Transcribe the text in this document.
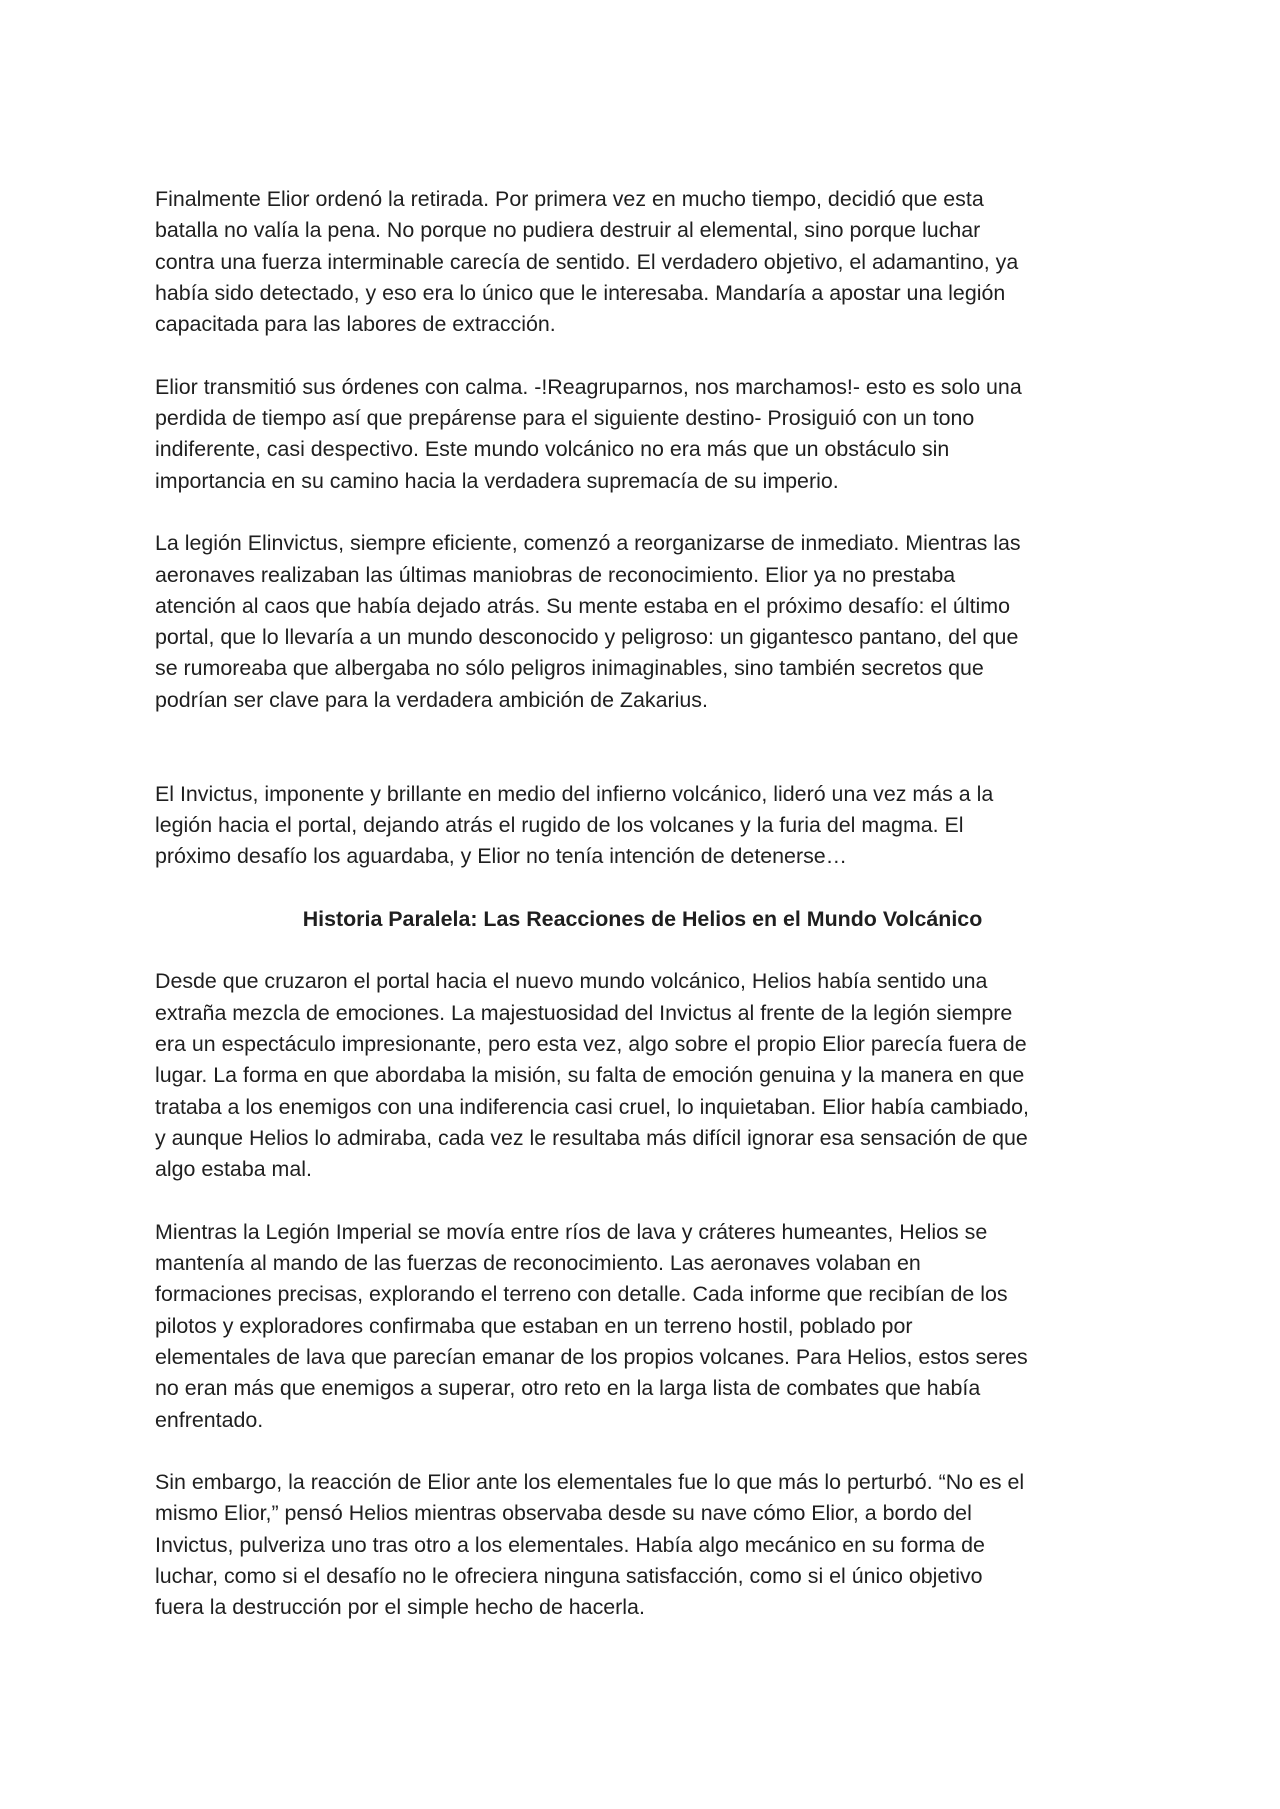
Finalmente Elior ordenó la retirada. Por primera vez en mucho tiempo, decidió que esta
batalla no valía la pena. No porque no pudiera destruir al elemental, sino porque luchar
contra una fuerza interminable carecía de sentido. El verdadero objetivo, el adamantino, ya
había sido detectado, y eso era lo único que le interesaba. Mandaría a apostar una legión
capacitada para las labores de extracción.

Elior transmitió sus órdenes con calma. -!Reagruparnos, nos marchamos!- esto es solo una
perdida de tiempo así que prepárense para el siguiente destino- Prosiguió con un tono
indiferente, casi despectivo. Este mundo volcánico no era más que un obstáculo sin
importancia en su camino hacia la verdadera supremacía de su imperio.

La legión Elinvictus, siempre eficiente, comenzó a reorganizarse de inmediato. Mientras las
aeronaves realizaban las últimas maniobras de reconocimiento. Elior ya no prestaba
atención al caos que había dejado atrás. Su mente estaba en el próximo desafío: el último
portal, que lo llevaría a un mundo desconocido y peligroso: un gigantesco pantano, del que
se rumoreaba que albergaba no sólo peligros inimaginables, sino también secretos que
podrían ser clave para la verdadera ambición de Zakarius.

El Invictus, imponente y brillante en medio del infierno volcánico, lideró una vez más a la
legión hacia el portal, dejando atrás el rugido de los volcanes y la furia del magma. El
próximo desafío los aguardaba, y Elior no tenía intención de detenerse…

Historia Paralela: Las Reacciones de Helios en el Mundo Volcánico

Desde que cruzaron el portal hacia el nuevo mundo volcánico, Helios había sentido una
extraña mezcla de emociones. La majestuosidad del Invictus al frente de la legión siempre
era un espectáculo impresionante, pero esta vez, algo sobre el propio Elior parecía fuera de
lugar. La forma en que abordaba la misión, su falta de emoción genuina y la manera en que
trataba a los enemigos con una indiferencia casi cruel, lo inquietaban. Elior había cambiado,
y aunque Helios lo admiraba, cada vez le resultaba más difícil ignorar esa sensación de que
algo estaba mal.

Mientras la Legión Imperial se movía entre ríos de lava y cráteres humeantes, Helios se
mantenía al mando de las fuerzas de reconocimiento. Las aeronaves volaban en
formaciones precisas, explorando el terreno con detalle. Cada informe que recibían de los
pilotos y exploradores confirmaba que estaban en un terreno hostil, poblado por
elementales de lava que parecían emanar de los propios volcanes. Para Helios, estos seres
no eran más que enemigos a superar, otro reto en la larga lista de combates que había
enfrentado.

Sin embargo, la reacción de Elior ante los elementales fue lo que más lo perturbó. “No es el
mismo Elior,” pensó Helios mientras observaba desde su nave cómo Elior, a bordo del
Invictus, pulveriza uno tras otro a los elementales. Había algo mecánico en su forma de
luchar, como si el desafío no le ofreciera ninguna satisfacción, como si el único objetivo
fuera la destrucción por el simple hecho de hacerla.
